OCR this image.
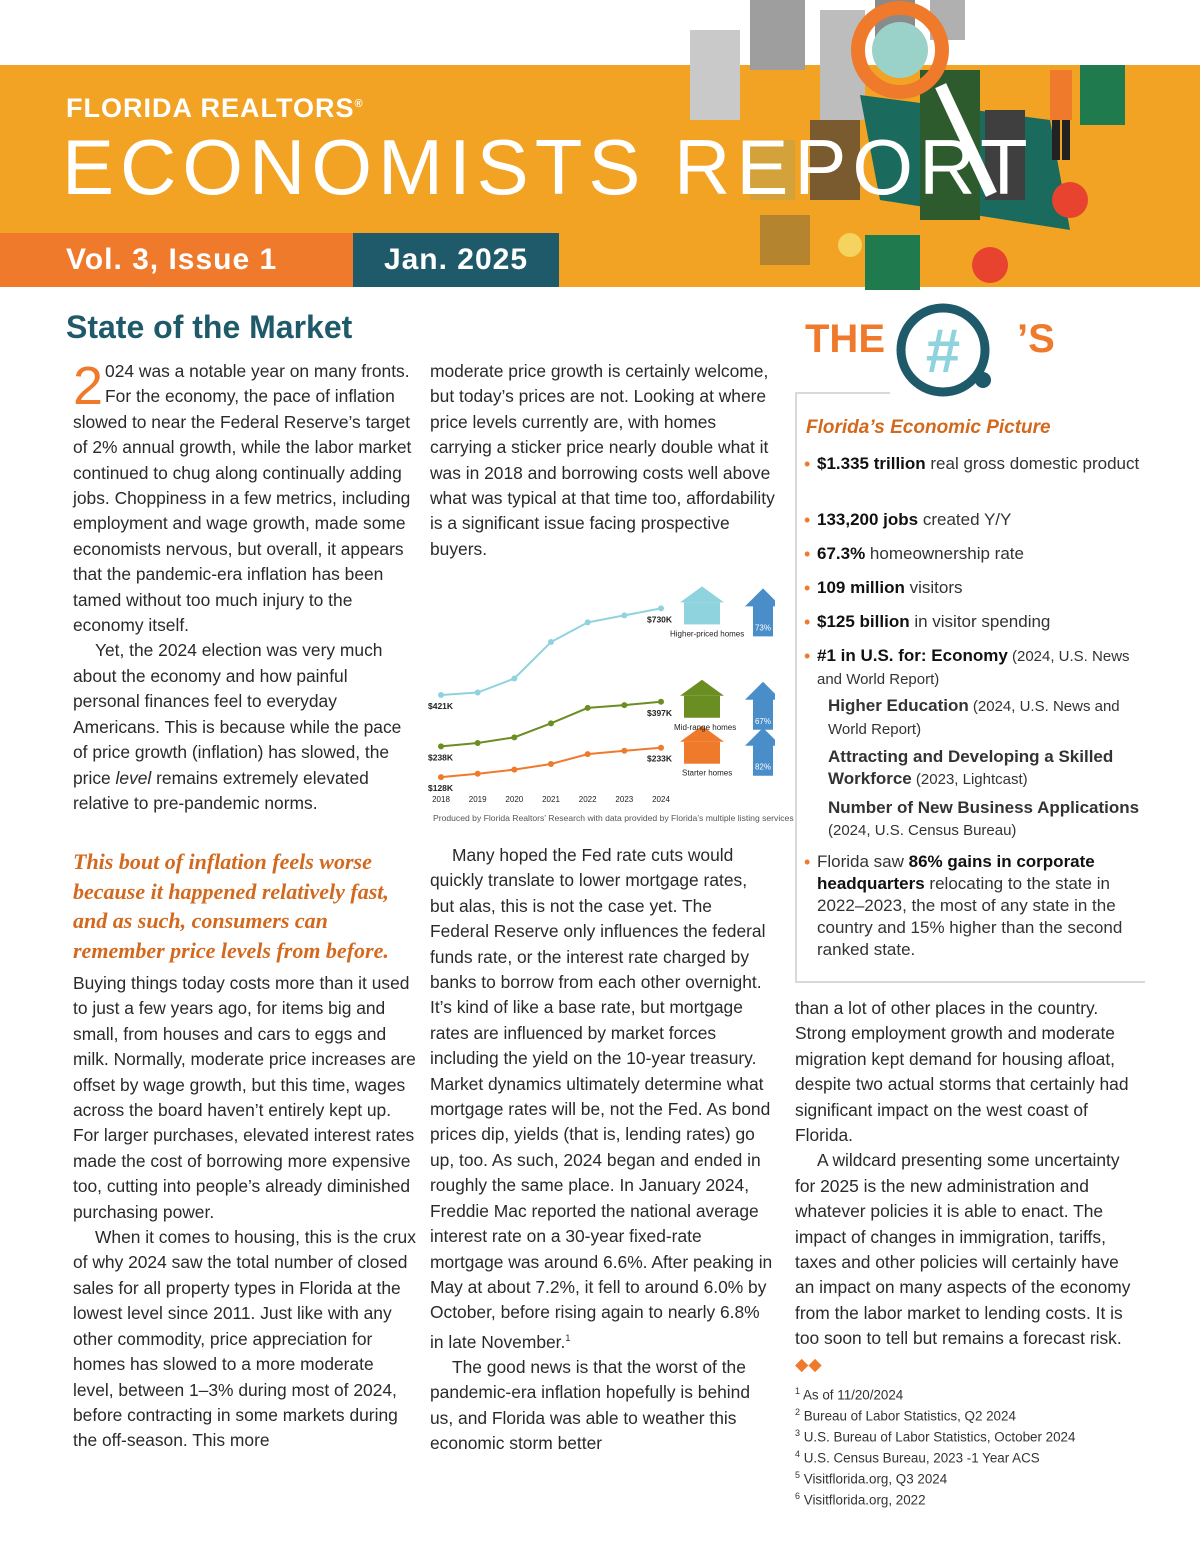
FLORIDA REALTORS®
ECONOMISTS REPORT
Vol. 3, Issue 1	Jan. 2025
State of the Market

2 024 was a notable year on many fronts. For the economy, the pace of inflation slowed to near the Federal Reserve’s target of 2% annual growth, while the labor market continued to chug along continually adding jobs. Choppiness in a few metrics, including employment and wage growth, made some economists nervous, but overall, it appears that the pandemic-era inflation has been tamed without too much injury to the economy itself.

Yet, the 2024 election was very much about the economy and how painful personal finances feel to everyday Americans. This is because while the pace of price growth (inflation) has slowed, the price level remains extremely elevated relative to pre-pandemic norms.

This bout of inflation feels worse because it happened relatively fast, and as such, consumers can remember price levels from before.

Buying things today costs more than it used to just a few years ago, for items big and small, from houses and cars to eggs and milk. Normally, moderate price increases are offset by wage growth, but this time, wages across the board haven’t entirely kept up. For larger purchases, elevated interest rates made the cost of borrowing more expensive too, cutting into people’s already diminished purchasing power.

When it comes to housing, this is the crux of why 2024 saw the total number of closed sales for all property types in Florida at the lowest level since 2011. Just like with any other commodity, price appreciation for homes has slowed to a more moderate level, between 1–3% during most of 2024, before contracting in some markets during the off-season. This more

moderate price growth is certainly welcome, but today’s prices are not. Looking at where price levels currently are, with homes carrying a sticker price nearly double what it was in 2018 and borrowing costs well above what was typical at that time too, affordability is a significant issue facing prospective buyers.

2018 2019 2020 2021 2022 2023 2024
$421K
$730K
Higher-priced homes
73%
$238K
$397K
Mid-range homes
67%
$128K
$233K
Starter homes
82%
Produced by Florida Realtors’ Research with data provided by Florida’s multiple listing services

Many hoped the Fed rate cuts would quickly translate to lower mortgage rates, but alas, this is not the case yet. The Federal Reserve only influences the federal funds rate, or the interest rate charged by banks to borrow from each other overnight. It’s kind of like a base rate, but mortgage rates are influenced by market forces including the yield on the 10-year treasury. Market dynamics ultimately determine what mortgage rates will be, not the Fed. As bond prices dip, yields (that is, lending rates) go up, too. As such, 2024 began and ended in roughly the same place. In January 2024, Freddie Mac reported the national average interest rate on a 30-year fixed-rate mortgage was around 6.6%. After peaking in May at about 7.2%, it fell to around 6.0% by October, before rising again to nearly 6.8% in late November.$^1$

The good news is that the worst of the pandemic-era inflation hopefully is behind us, and Florida was able to weather this economic storm better

THE # ’S
Florida’s Economic Picture
• $1.335 trillion real gross domestic product
• 133,200 jobs created Y/Y
• 67.3% homeownership rate
• 109 million visitors
• $125 billion in visitor spending
• #1 in U.S. for: Economy (2024, U.S. News and World Report)
Higher Education (2024, U.S. News and World Report)
Attracting and Developing a Skilled Workforce (2023, Lightcast)
Number of New Business Applications
(2024, U.S. Census Bureau)
• Florida saw 86% gains in corporate headquarters relocating to the state in 2022–2023, the most of any state in the country and 15% higher than the second ranked state.

than a lot of other places in the country. Strong employment growth and moderate migration kept demand for housing afloat, despite two actual storms that certainly had significant impact on the west coast of Florida.

A wildcard presenting some uncertainty for 2025 is the new administration and whatever policies it is able to enact. The impact of changes in immigration, tariffs, taxes and other policies will certainly have an impact on many aspects of the economy from the labor market to lending costs. It is too soon to tell but remains a forecast risk. ◆◆

$^1$ As of 11/20/2024
$^2$ Bureau of Labor Statistics, Q2 2024
$^3$ U.S. Bureau of Labor Statistics, October 2024
$^4$ U.S. Census Bureau, 2023 -1 Year ACS
$^5$ Visitflorida.org, Q3 2024
$^6$ Visitflorida.org, 2022
